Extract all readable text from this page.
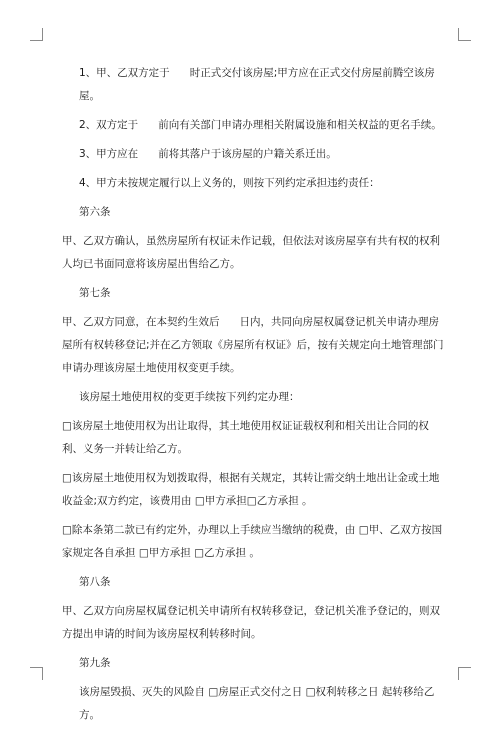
1、甲、乙双方定于      时正式交付该房屋;甲方应在正式交付房屋前腾空该房屋。

2、双方定于      前向有关部门申请办理相关附属设施和相关权益的更名手续。

3、甲方应在      前将其落户于该房屋的户籍关系迁出。

4、甲方未按规定履行以上义务的，则按下列约定承担违约责任：

第六条

甲、乙双方确认，虽然房屋所有权证未作记载，但依法对该房屋享有共有权的权利人均已书面同意将该房屋出售给乙方。

第七条

甲、乙双方同意，在本契约生效后      日内，共同向房屋权属登记机关申请办理房屋所有权转移登记;并在乙方领取《房屋所有权证》后，按有关规定向土地管理部门申请办理该房屋土地使用权变更手续。

该房屋土地使用权的变更手续按下列约定办理：

□该房屋土地使用权为出让取得，其土地使用权证证载权利和相关出让合同的权利、义务一并转让给乙方。

□该房屋土地使用权为划拨取得，根据有关规定，其转让需交纳土地出让金或土地收益金;双方约定，该费用由 □甲方承担□乙方承担 。

□除本条第二款已有约定外，办理以上手续应当缴纳的税费，由 □甲、乙双方按国家规定各自承担 □甲方承担 □乙方承担 。

第八条

甲、乙双方向房屋权属登记机关申请所有权转移登记，登记机关准予登记的，则双方提出申请的时间为该房屋权利转移时间。

第九条

该房屋毁损、灭失的风险自 □房屋正式交付之日 □权利转移之日 起转移给乙方。
